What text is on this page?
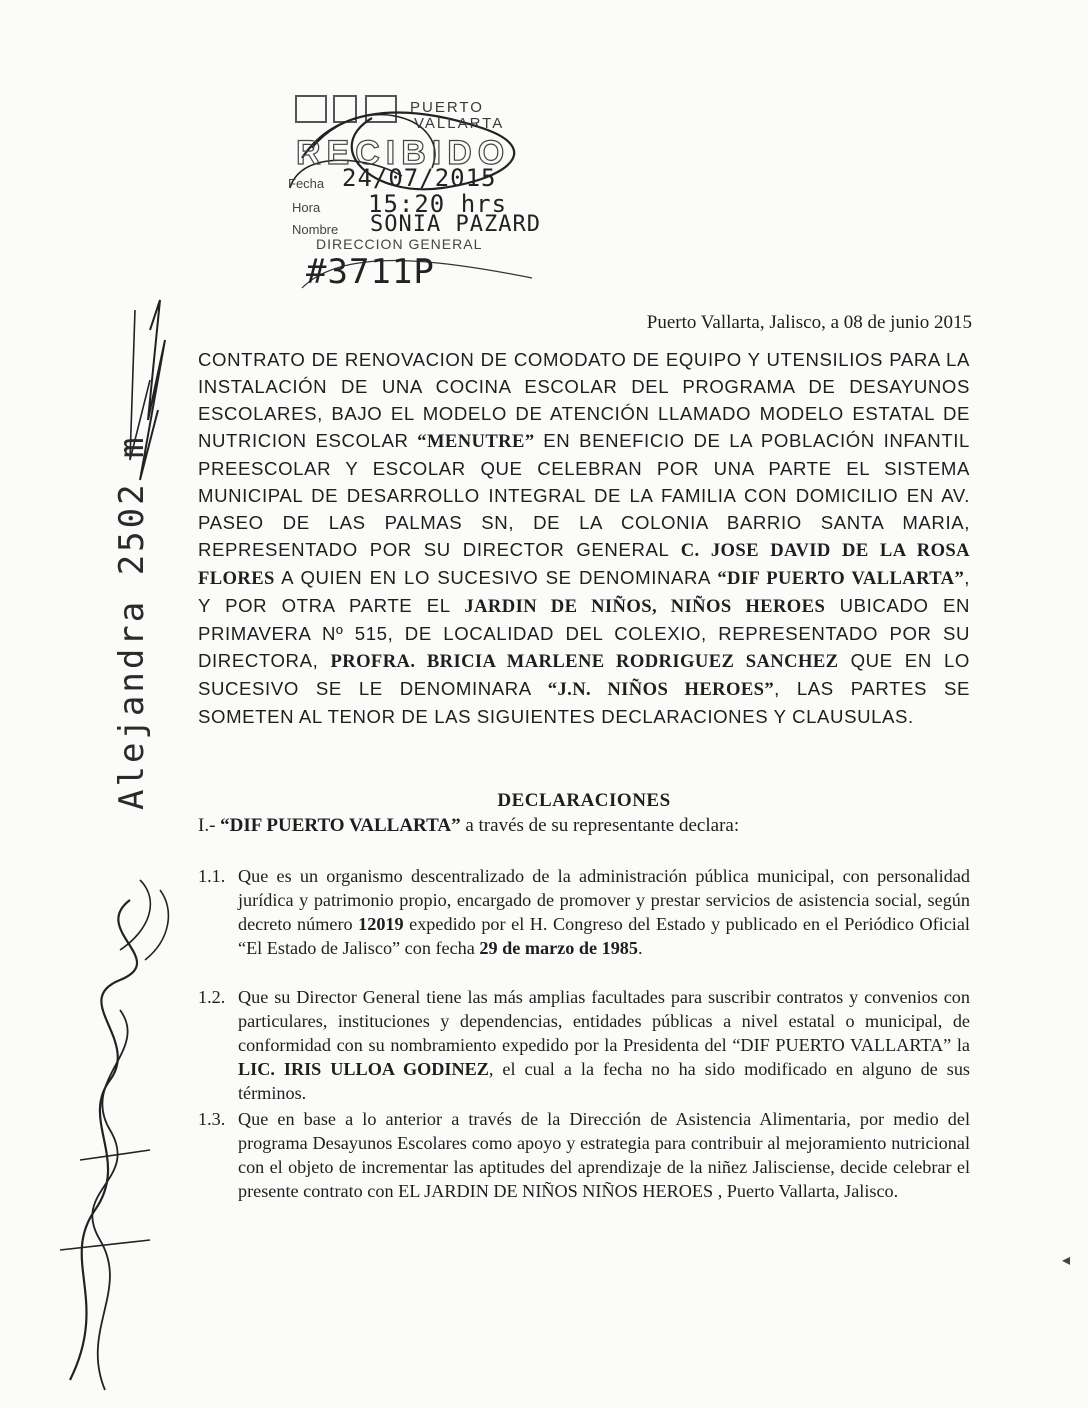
PUERTO
VALLARTA
RECIBIDO
Fecha 24/07/2015
Hora 15:20 hrs
Nombre SONIA PAZARD
DIRECCION GENERAL
#3711P
Alejandra 2502 m
Puerto Vallarta, Jalisco, a 08 de junio 2015
CONTRATO DE RENOVACION DE COMODATO DE EQUIPO Y UTENSILIOS PARA LA INSTALACIÓN DE UNA COCINA ESCOLAR DEL PROGRAMA DE DESAYUNOS ESCOLARES, BAJO EL MODELO DE ATENCIÓN LLAMADO MODELO ESTATAL DE NUTRICION ESCOLAR “MENUTRE” EN BENEFICIO DE LA POBLACIÓN INFANTIL PREESCOLAR Y ESCOLAR QUE CELEBRAN POR UNA PARTE EL SISTEMA MUNICIPAL DE DESARROLLO INTEGRAL DE LA FAMILIA CON DOMICILIO EN AV. PASEO DE LAS PALMAS SN, DE LA COLONIA BARRIO SANTA MARIA, REPRESENTADO POR SU DIRECTOR GENERAL C. JOSE DAVID DE LA ROSA FLORES A QUIEN EN LO SUCESIVO SE DENOMINARA “DIF PUERTO VALLARTA”, Y POR OTRA PARTE EL JARDIN DE NIÑOS, NIÑOS HEROES UBICADO EN PRIMAVERA Nº 515, DE LOCALIDAD DEL COLEXIO, REPRESENTADO POR SU DIRECTORA, PROFRA. BRICIA MARLENE RODRIGUEZ SANCHEZ QUE EN LO SUCESIVO SE LE DENOMINARA “J.N. NIÑOS HEROES”, LAS PARTES SE SOMETEN AL TENOR DE LAS SIGUIENTES DECLARACIONES Y CLAUSULAS.
DECLARACIONES
I.- “DIF PUERTO VALLARTA” a través de su representante declara:
1.1. Que es un organismo descentralizado de la administración pública municipal, con personalidad jurídica y patrimonio propio, encargado de promover y prestar servicios de asistencia social, según decreto número 12019 expedido por el H. Congreso del Estado y publicado en el Periódico Oficial “El Estado de Jalisco” con fecha 29 de marzo de 1985.
1.2. Que su Director General tiene las más amplias facultades para suscribir contratos y convenios con particulares, instituciones y dependencias, entidades públicas a nivel estatal o municipal, de conformidad con su nombramiento expedido por la Presidenta del “DIF PUERTO VALLARTA” la LIC. IRIS ULLOA GODINEZ, el cual a la fecha no ha sido modificado en alguno de sus términos.
1.3. Que en base a lo anterior a través de la Dirección de Asistencia Alimentaria, por medio del programa Desayunos Escolares como apoyo y estrategia para contribuir al mejoramiento nutricional con el objeto de incrementar las aptitudes del aprendizaje de la niñez Jalisciense, decide celebrar el presente contrato con EL JARDIN DE NIÑOS NIÑOS HEROES , Puerto Vallarta, Jalisco.
◂
